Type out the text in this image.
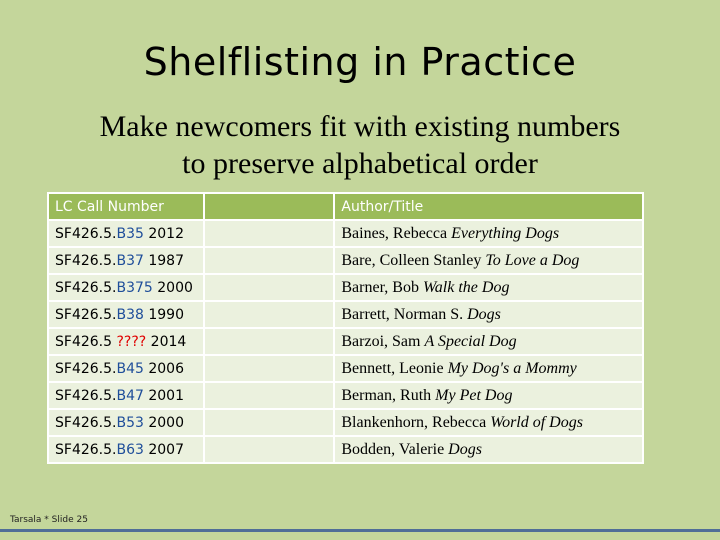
Shelflisting in Practice
Make newcomers fit with existing numbers
to preserve alphabetical order
LC Call Number		Author/Title
SF426.5.B35 2012		Baines, Rebecca Everything Dogs
SF426.5.B37 1987		Bare, Colleen Stanley To Love a Dog
SF426.5.B375 2000		Barner, Bob Walk the Dog
SF426.5.B38 1990		Barrett, Norman S. Dogs
SF426.5 ???? 2014		Barzoi, Sam A Special Dog
SF426.5.B45 2006		Bennett, Leonie My Dog's a Mommy
SF426.5.B47 2001		Berman, Ruth My Pet Dog
SF426.5.B53 2000		Blankenhorn, Rebecca World of Dogs
SF426.5.B63 2007		Bodden, Valerie Dogs
Tarsala * Slide 25
